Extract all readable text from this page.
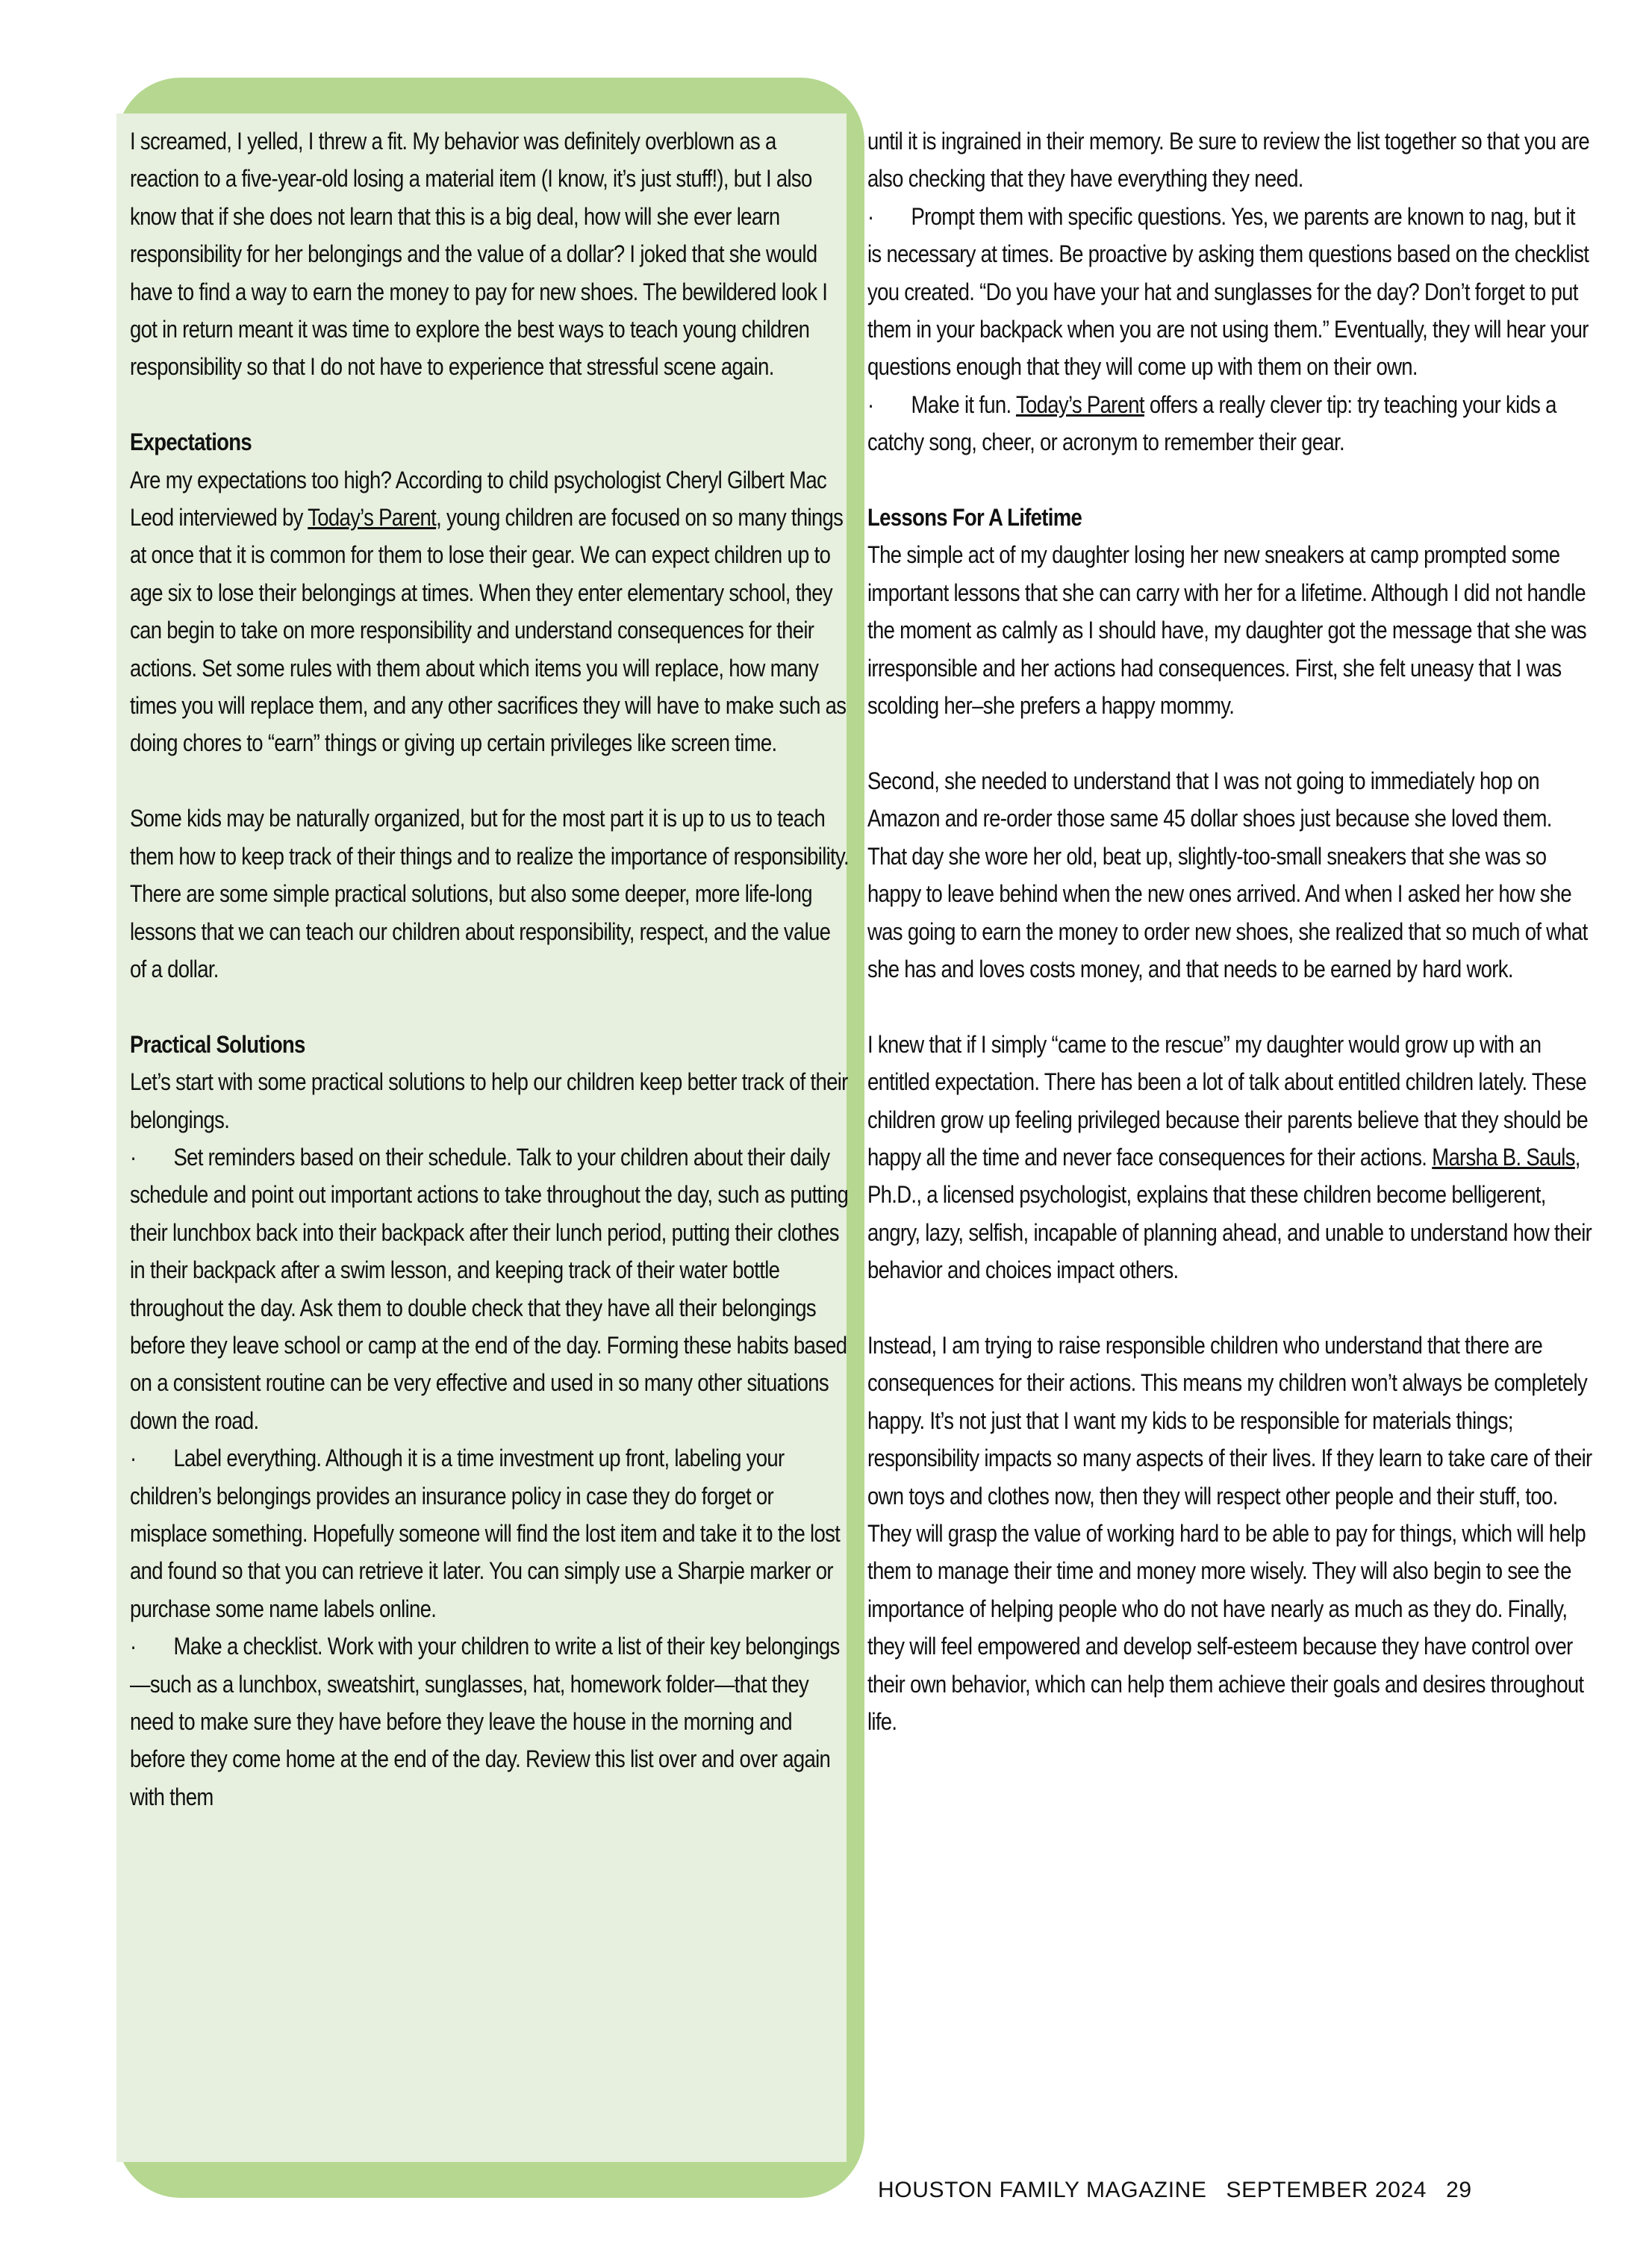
I screamed, I yelled, I threw a fit. My behavior was definitely overblown as a reaction to a five-year-old losing a material item (I know, it’s just stuff!), but I also know that if she does not learn that this is a big deal, how will she ever learn responsibility for her belongings and the value of a dollar? I joked that she would have to find a way to earn the money to pay for new shoes. The bewildered look I got in return meant it was time to explore the best ways to teach young children responsibility so that I do not have to experience that stressful scene again.

Expectations

Are my expectations too high? According to child psychologist Cheryl Gilbert Mac Leod interviewed by Today’s Parent, young children are focused on so many things at once that it is common for them to lose their gear. We can expect children up to age six to lose their belongings at times. When they enter elementary school, they can begin to take on more responsibility and understand consequences for their actions. Set some rules with them about which items you will replace, how many times you will replace them, and any other sacrifices they will have to make such as doing chores to “earn” things or giving up certain privileges like screen time.

Some kids may be naturally organized, but for the most part it is up to us to teach them how to keep track of their things and to realize the importance of responsibility. There are some simple practical solutions, but also some deeper, more life-long lessons that we can teach our children about responsibility, respect, and the value of a dollar.

Practical Solutions

Let’s start with some practical solutions to help our children keep better track of their belongings.

· Set reminders based on their schedule. Talk to your children about their daily schedule and point out important actions to take throughout the day, such as putting their lunchbox back into their backpack after their lunch period, putting their clothes in their backpack after a swim lesson, and keeping track of their water bottle throughout the day. Ask them to double check that they have all their belongings before they leave school or camp at the end of the day. Forming these habits based on a consistent routine can be very effective and used in so many other situations down the road.

· Label everything. Although it is a time investment up front, labeling your children’s belongings provides an insurance policy in case they do forget or misplace something. Hopefully someone will find the lost item and take it to the lost and found so that you can retrieve it later. You can simply use a Sharpie marker or purchase some name labels online.

· Make a checklist. Work with your children to write a list of their key belongings—such as a lunchbox, sweatshirt, sunglasses, hat, homework folder—that they need to make sure they have before they leave the house in the morning and before they come home at the end of the day. Review this list over and over again with them

until it is ingrained in their memory. Be sure to review the list together so that you are also checking that they have everything they need.

· Prompt them with specific questions. Yes, we parents are known to nag, but it is necessary at times. Be proactive by asking them questions based on the checklist you created. “Do you have your hat and sunglasses for the day? Don’t forget to put them in your backpack when you are not using them.” Eventually, they will hear your questions enough that they will come up with them on their own.

· Make it fun. Today’s Parent offers a really clever tip: try teaching your kids a catchy song, cheer, or acronym to remember their gear.

Lessons For A Lifetime

The simple act of my daughter losing her new sneakers at camp prompted some important lessons that she can carry with her for a lifetime. Although I did not handle the moment as calmly as I should have, my daughter got the message that she was irresponsible and her actions had consequences. First, she felt uneasy that I was scolding her–she prefers a happy mommy.

Second, she needed to understand that I was not going to immediately hop on Amazon and re-order those same 45 dollar shoes just because she loved them. That day she wore her old, beat up, slightly-too-small sneakers that she was so happy to leave behind when the new ones arrived. And when I asked her how she was going to earn the money to order new shoes, she realized that so much of what she has and loves costs money, and that needs to be earned by hard work.

I knew that if I simply “came to the rescue” my daughter would grow up with an entitled expectation. There has been a lot of talk about entitled children lately. These children grow up feeling privileged because their parents believe that they should be happy all the time and never face consequences for their actions. Marsha B. Sauls, Ph.D., a licensed psychologist, explains that these children become belligerent, angry, lazy, selfish, incapable of planning ahead, and unable to understand how their behavior and choices impact others.

Instead, I am trying to raise responsible children who understand that there are consequences for their actions. This means my children won’t always be completely happy. It’s not just that I want my kids to be responsible for materials things; responsibility impacts so many aspects of their lives. If they learn to take care of their own toys and clothes now, then they will respect other people and their stuff, too. They will grasp the value of working hard to be able to pay for things, which will help them to manage their time and money more wisely. They will also begin to see the importance of helping people who do not have nearly as much as they do. Finally, they will feel empowered and develop self-esteem because they have control over their own behavior, which can help them achieve their goals and desires throughout life.

HOUSTON FAMILY MAGAZINE SEPTEMBER 2024 29
